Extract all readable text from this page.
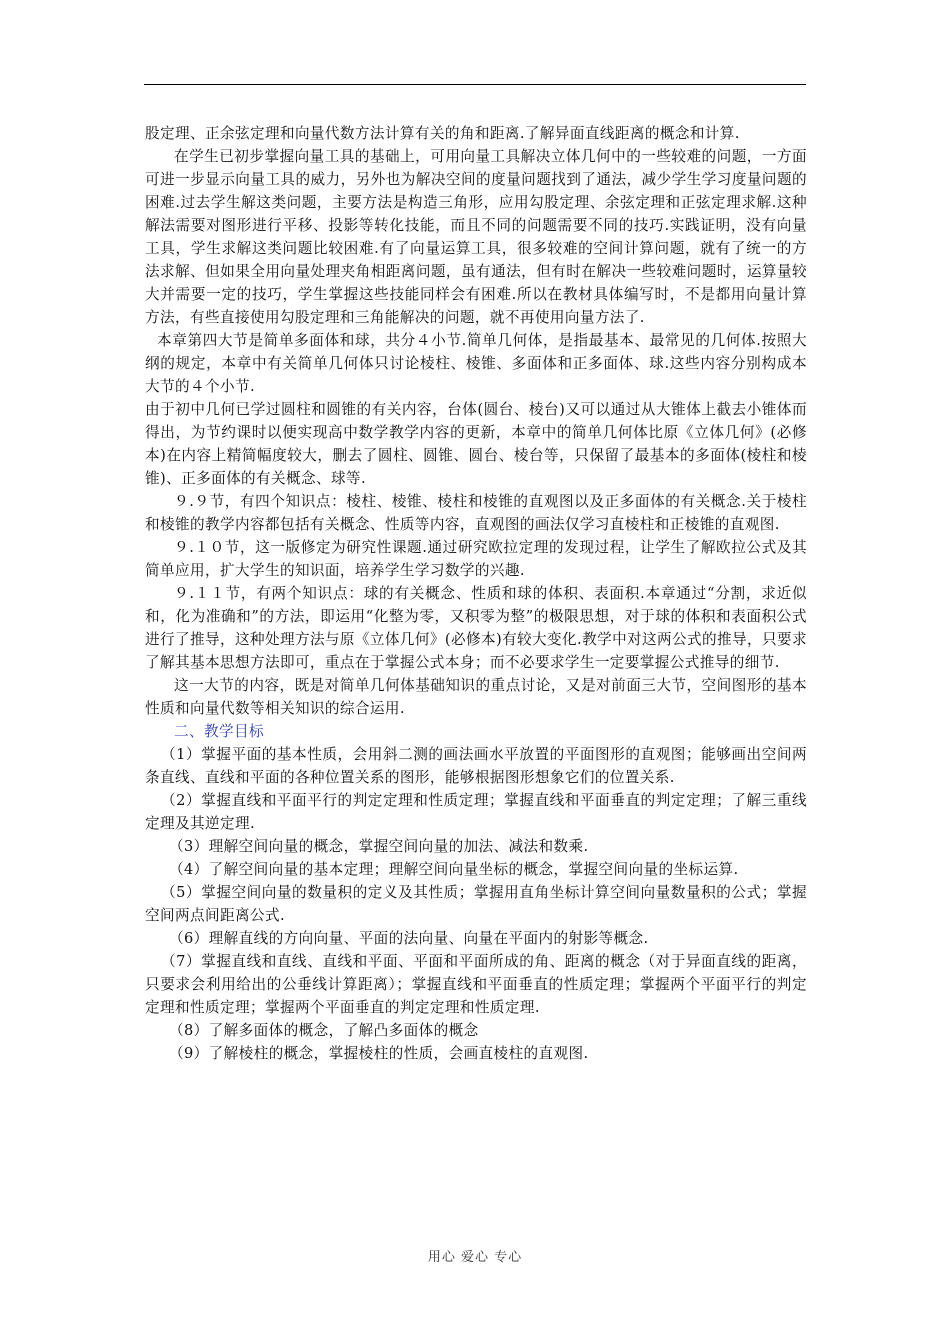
股定理、正余弦定理和向量代数方法计算有关的角和距离.了解异面直线距离的概念和计算.

在学生已初步掌握向量工具的基础上，可用向量工具解决立体几何中的一些较难的问题，一方面可进一步显示向量工具的威力，另外也为解决空间的度量问题找到了通法，减少学生学习度量问题的困难.过去学生解这类问题，主要方法是构造三角形，应用勾股定理、余弦定理和正弦定理求解.这种解法需要对图形进行平移、投影等转化技能，而且不同的问题需要不同的技巧.实践证明，没有向量工具，学生求解这类问题比较困难.有了向量运算工具，很多较难的空间计算问题，就有了统一的方法求解、但如果全用向量处理夹角相距离问题，虽有通法，但有时在解决一些较难问题时，运算量较大并需要一定的技巧，学生掌握这些技能同样会有困难.所以在教材具体编写时，不是都用向量计算方法，有些直接使用勾股定理和三角能解决的问题，就不再使用向量方法了.

本章第四大节是简单多面体和球，共分４小节.简单几何体，是指最基本、最常见的几何体.按照大纲的规定，本章中有关简单几何体只讨论棱柱、棱锥、多面体和正多面体、球.这些内容分别构成本大节的４个小节.

由于初中几何已学过圆柱和圆锥的有关内容，台体(圆台、棱台)又可以通过从大锥体上截去小锥体而得出，为节约课时以便实现高中数学教学内容的更新，本章中的简单几何体比原《立体几何》(必修本)在内容上精简幅度较大，删去了圆柱、圆锥、圆台、棱台等，只保留了最基本的多面体(棱柱和棱锥)、正多面体的有关概念、球等.

９.９节，有四个知识点：棱柱、棱锥、棱柱和棱锥的直观图以及正多面体的有关概念.关于棱柱和棱锥的教学内容都包括有关概念、性质等内容，直观图的画法仅学习直棱柱和正棱锥的直观图.

９.１０节，这一版修定为研究性课题.通过研究欧拉定理的发现过程，让学生了解欧拉公式及其简单应用，扩大学生的知识面，培养学生学习数学的兴趣.

９.１１节，有两个知识点：球的有关概念、性质和球的体积、表面积.本章通过“分割，求近似和，化为准确和”的方法，即运用“化整为零，又积零为整”的极限思想，对于球的体积和表面积公式进行了推导，这种处理方法与原《立体几何》(必修本)有较大变化.教学中对这两公式的推导，只要求了解其基本思想方法即可，重点在于掌握公式本身；而不必要求学生一定要掌握公式推导的细节.

这一大节的内容，既是对简单几何体基础知识的重点讨论，又是对前面三大节，空间图形的基本性质和向量代数等相关知识的综合运用.

二、教学目标

（1）掌握平面的基本性质，会用斜二测的画法画水平放置的平面图形的直观图；能够画出空间两条直线、直线和平面的各种位置关系的图形，能够根据图形想象它们的位置关系.

（2）掌握直线和平面平行的判定定理和性质定理；掌握直线和平面垂直的判定定理；了解三重线定理及其逆定理.

（3）理解空间向量的概念，掌握空间向量的加法、减法和数乘.

（4）了解空间向量的基本定理；理解空间向量坐标的概念，掌握空间向量的坐标运算.

（5）掌握空间向量的数量积的定义及其性质；掌握用直角坐标计算空间向量数量积的公式；掌握空间两点间距离公式.

（6）理解直线的方向向量、平面的法向量、向量在平面内的射影等概念.

（7）掌握直线和直线、直线和平面、平面和平面所成的角、距离的概念（对于异面直线的距离，只要求会利用给出的公垂线计算距离）；掌握直线和平面垂直的性质定理；掌握两个平面平行的判定定理和性质定理；掌握两个平面垂直的判定定理和性质定理.

（8）了解多面体的概念，了解凸多面体的概念

（9）了解棱柱的概念，掌握棱柱的性质，会画直棱柱的直观图.

用心 爱心 专心
